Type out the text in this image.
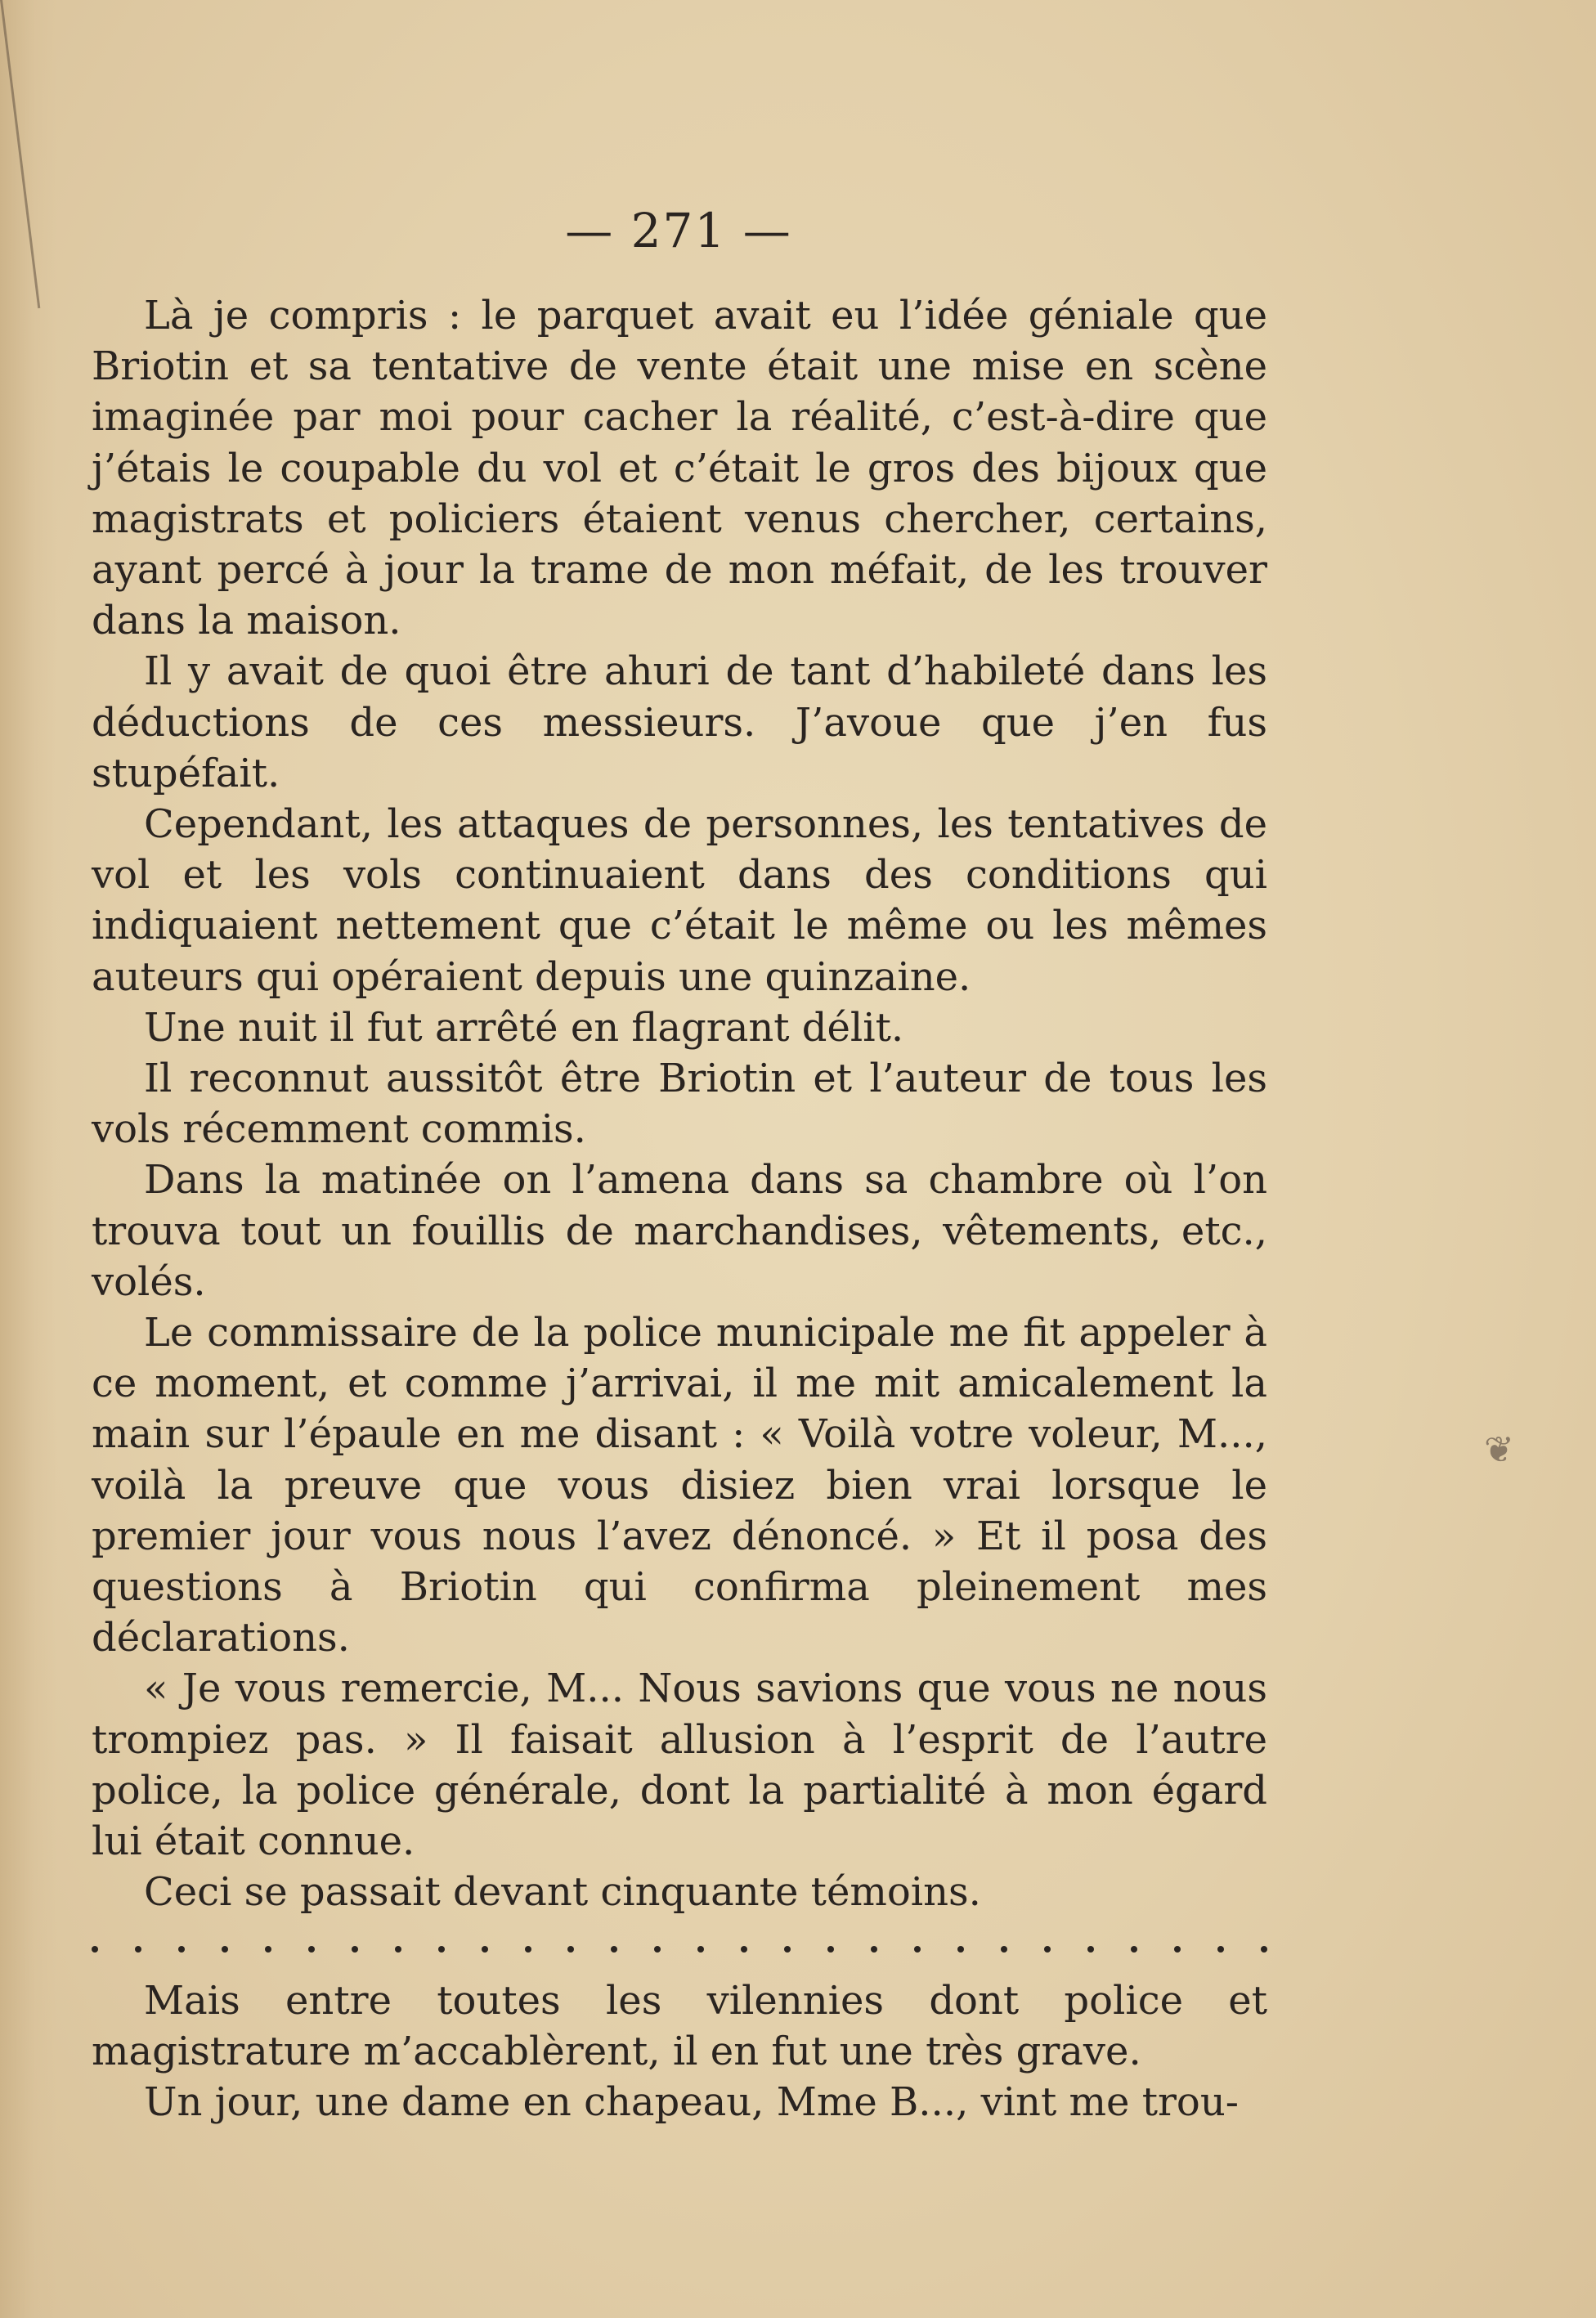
— 271 —

Là je compris : le parquet avait eu l’idée géniale que Briotin et sa tentative de vente était une mise en scène imaginée par moi pour cacher la réalité, c’est-à-dire que j’étais le coupable du vol et c’était le gros des bijoux que magistrats et policiers étaient venus chercher, certains, ayant percé à jour la trame de mon méfait, de les trouver dans la maison.

Il y avait de quoi être ahuri de tant d’habileté dans les déductions de ces messieurs. J’avoue que j’en fus stupéfait.

Cependant, les attaques de personnes, les tentatives de vol et les vols continuaient dans des conditions qui indiquaient nettement que c’était le même ou les mêmes auteurs qui opéraient depuis une quinzaine.

Une nuit il fut arrêté en flagrant délit.

Il reconnut aussitôt être Briotin et l’auteur de tous les vols récemment commis.

Dans la matinée on l’amena dans sa chambre où l’on trouva tout un fouillis de marchandises, vêtements, etc., volés.

Le commissaire de la police municipale me fit appeler à ce moment, et comme j’arrivai, il me mit amicalement la main sur l’épaule en me disant : « Voilà votre voleur, M..., voilà la preuve que vous disiez bien vrai lorsque le premier jour vous nous l’avez dénoncé. » Et il posa des questions à Briotin qui confirma pleinement mes déclarations.

« Je vous remercie, M... Nous savions que vous ne nous trompiez pas. » Il faisait allusion à l’esprit de l’autre police, la police générale, dont la partialité à mon égard lui était connue.

Ceci se passait devant cinquante témoins.

Mais entre toutes les vilennies dont police et magistrature m’accablèrent, il en fut une très grave.

Un jour, une dame en chapeau, Mme B..., vint me trou-

❦
